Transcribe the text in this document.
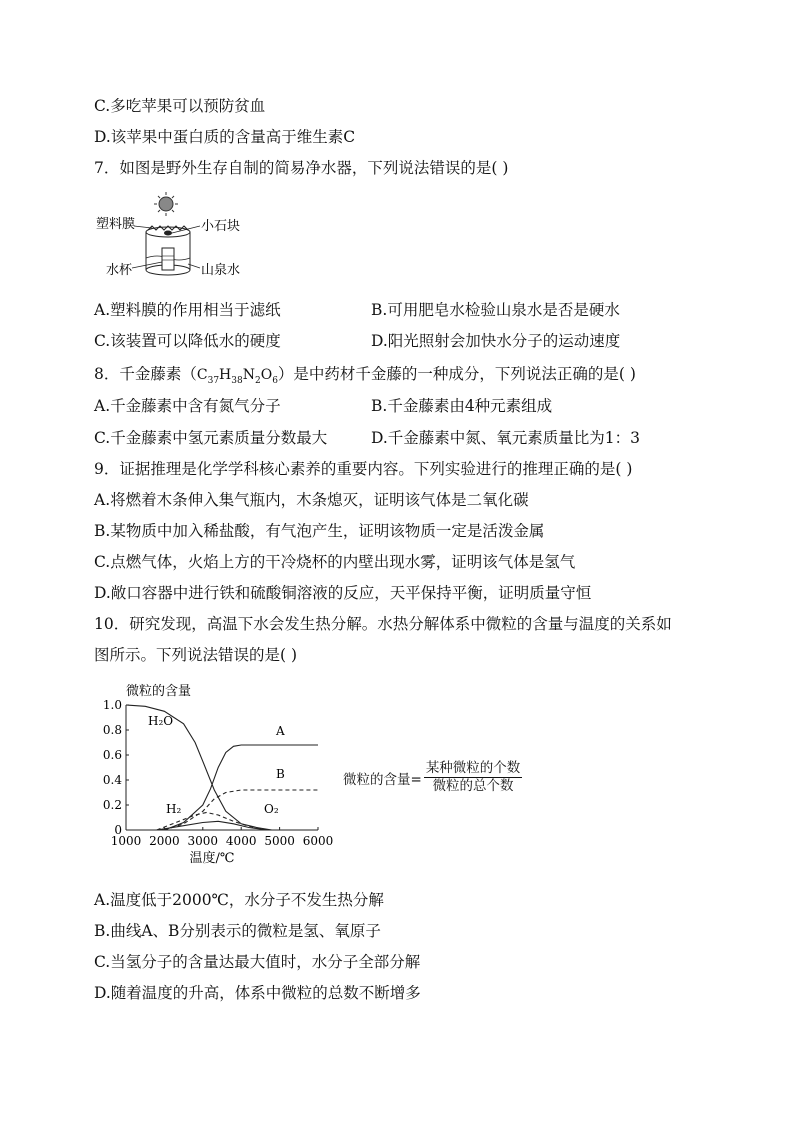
C.多吃苹果可以预防贫血
D.该苹果中蛋白质的含量高于维生素C
7．如图是野外生存自制的简易净水器，下列说法错误的是( )
塑料膜	小石块
水杯	山泉水
A.塑料膜的作用相当于滤纸	B.可用肥皂水检验山泉水是否是硬水
C.该装置可以降低水的硬度	D.阳光照射会加快水分子的运动速度
8．千金藤素$(C_{37}H_{38}N_2O_6)$是中药材千金藤的一种成分，下列说法正确的是( )
A.千金藤素中含有氮气分子	B.千金藤素由4种元素组成
C.千金藤素中氢元素质量分数最大	D.千金藤素中氮、氧元素质量比为1：3
9．证据推理是化学学科核心素养的重要内容。下列实验进行的推理正确的是( )
A.将燃着木条伸入集气瓶内，木条熄灭，证明该气体是二氧化碳
B.某物质中加入稀盐酸，有气泡产生，证明该物质一定是活泼金属
C.点燃气体，火焰上方的干冷烧杯的内壁出现水雾，证明该气体是氢气
D.敞口容器中进行铁和硫酸铜溶液的反应，天平保持平衡，证明质量守恒
10．研究发现，高温下水会发生热分解。水热分解体系中微粒的含量与温度的关系如
图所示。下列说法错误的是( )
1000 2000 3000 4000 5000 6000
0
0.2
0.4
0.6
0.8
1.0
微粒的含量
温度/℃
H₂O
A
B
H₂	O₂
微粒的含量=
某种微粒的个数
微粒的总个数
A.温度低于2000℃，水分子不发生热分解
B.曲线A、B分别表示的微粒是氢、氧原子
C.当氢分子的含量达最大值时，水分子全部分解
D.随着温度的升高，体系中微粒的总数不断增多
